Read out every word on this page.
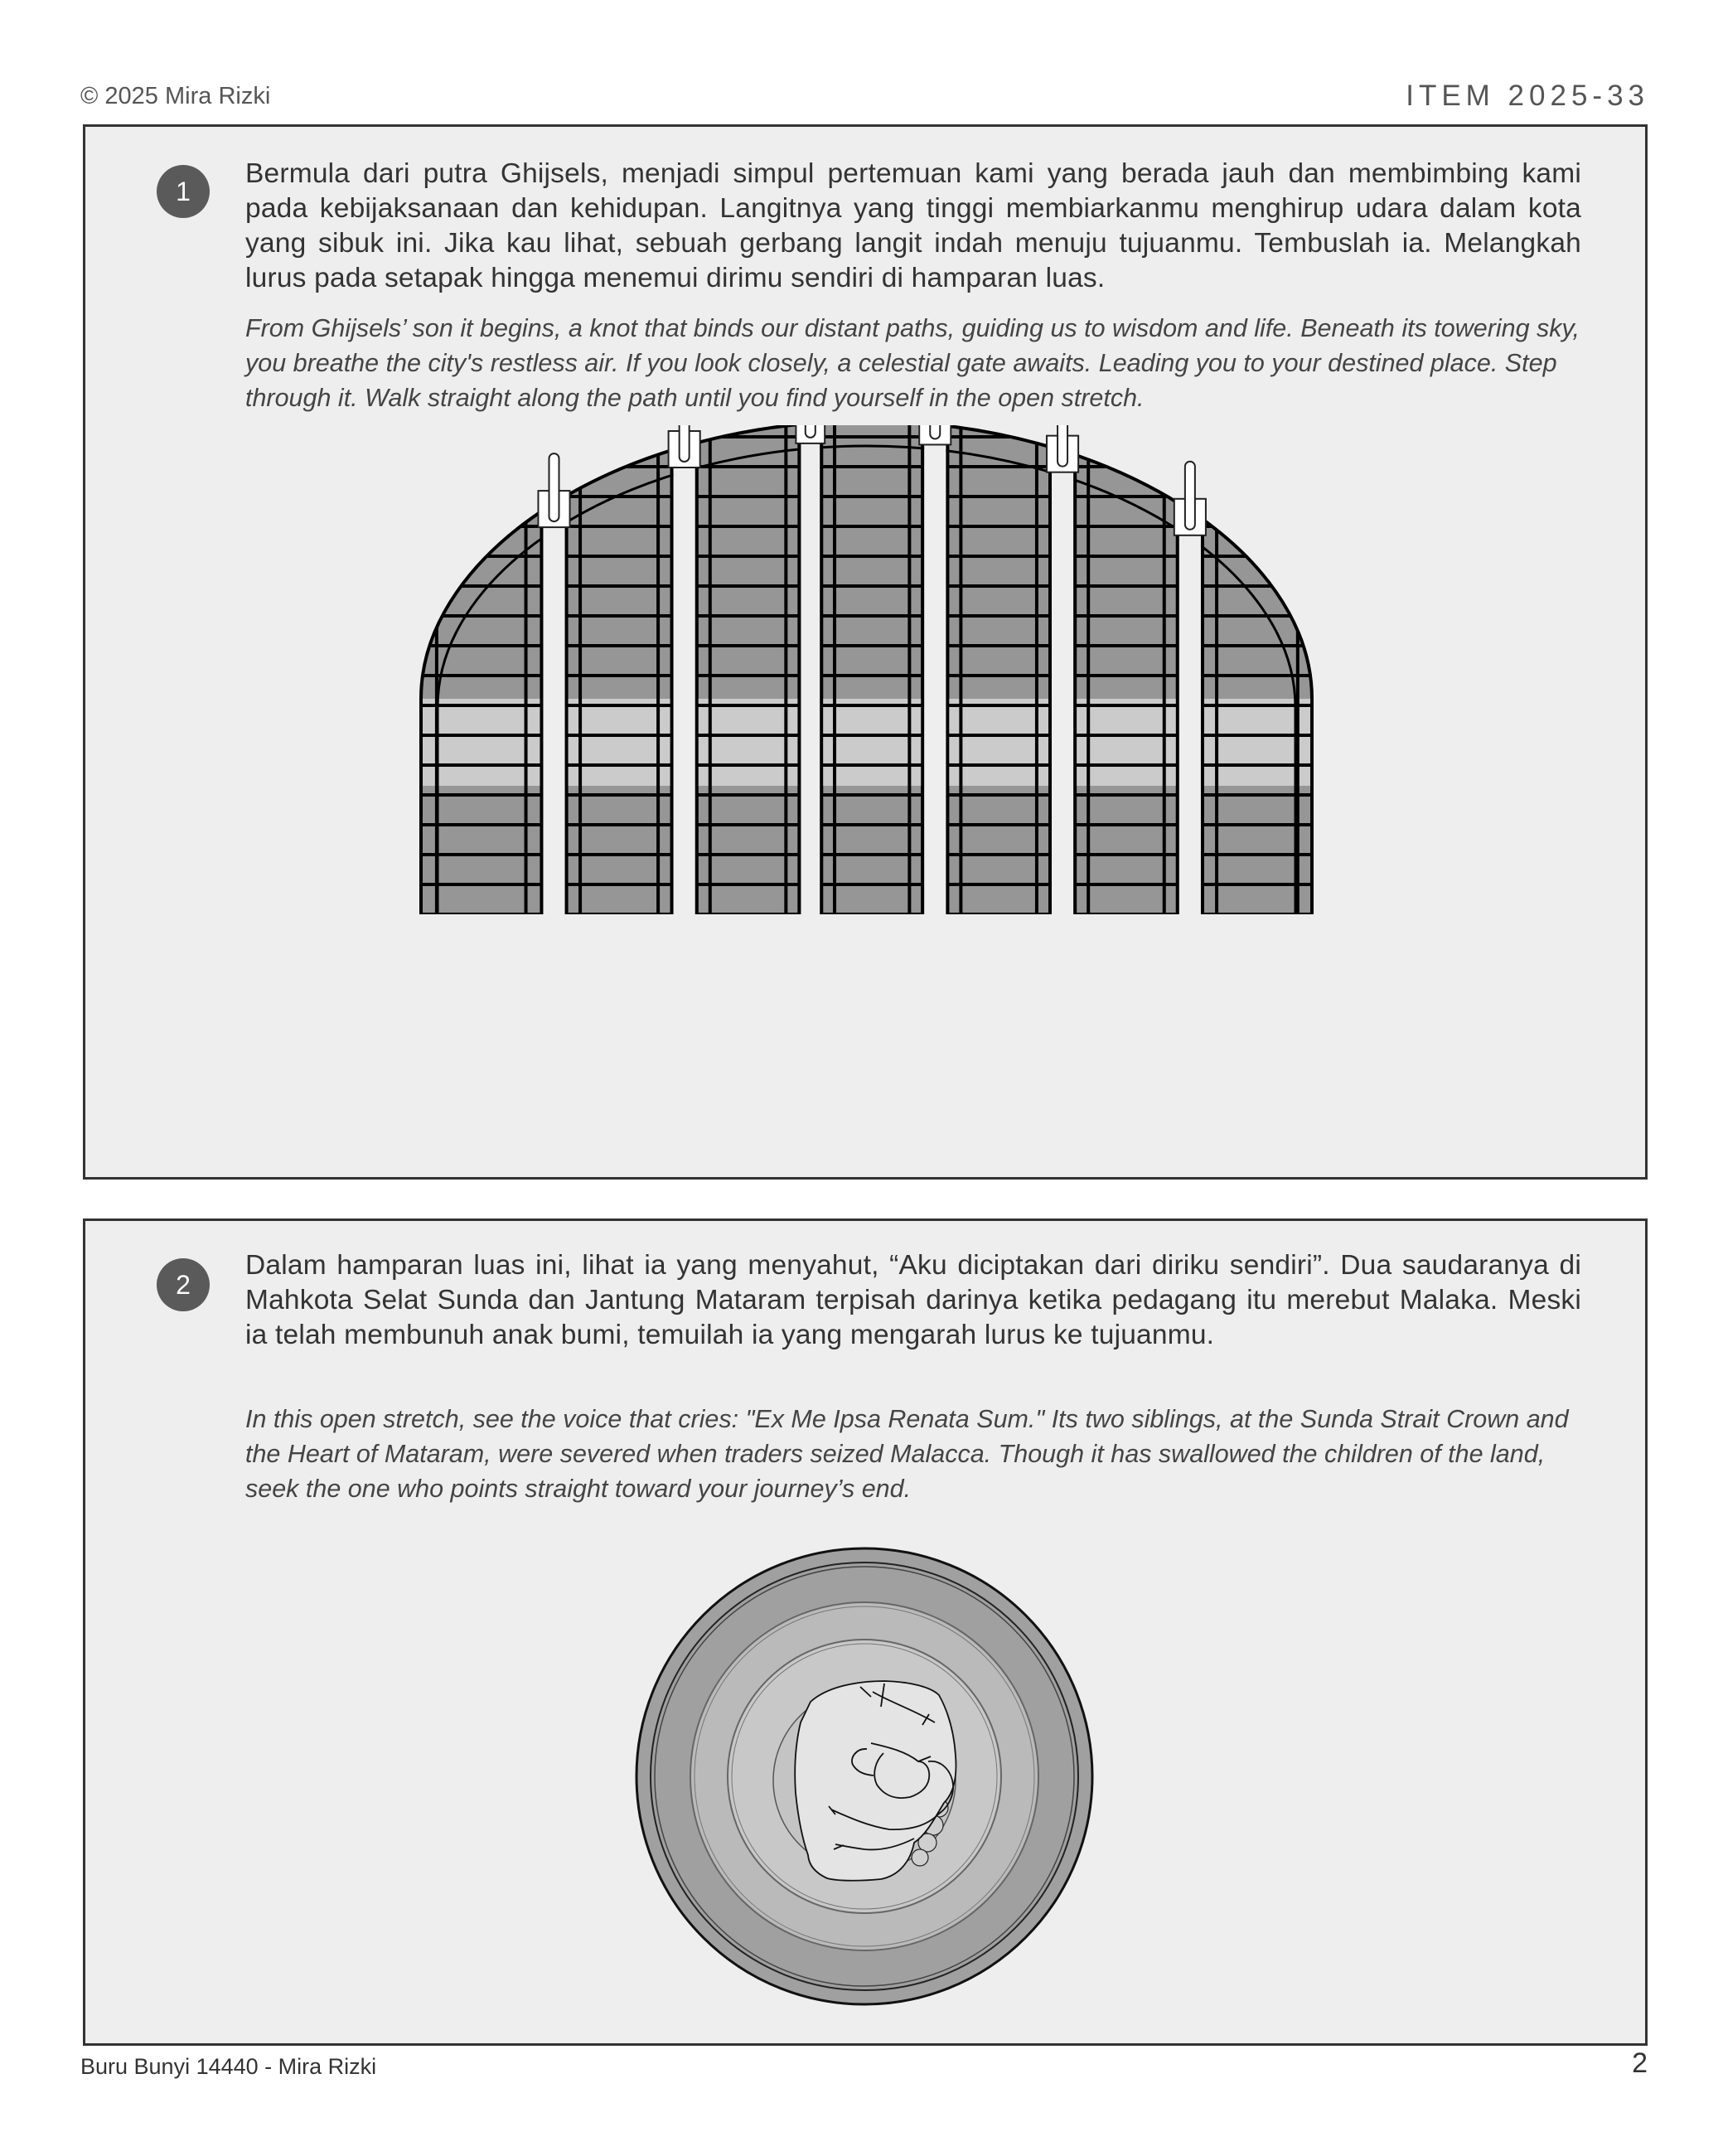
© 2025 Mira Rizki	ITEM 2025-33
1
Bermula dari putra Ghijsels, menjadi simpul pertemuan kami yang berada jauh dan membimbing kami pada kebijaksanaan dan kehidupan. Langitnya yang tinggi membiarkanmu menghirup udara dalam kota yang sibuk ini. Jika kau lihat, sebuah gerbang langit indah menuju tujuanmu. Tembuslah ia. Melangkah lurus pada setapak hingga menemui dirimu sendiri di hamparan luas.
From Ghijsels’ son it begins, a knot that binds our distant paths, guiding us to wisdom and life. Beneath its towering sky, you breathe the city's restless air. If you look closely, a celestial gate awaits. Leading you to your destined place. Step through it. Walk straight along the path until you find yourself in the open stretch.
2
Dalam hamparan luas ini, lihat ia yang menyahut, “Aku diciptakan dari diriku sendiri”. Dua saudaranya di Mahkota Selat Sunda dan Jantung Mataram terpisah darinya ketika pedagang itu merebut Malaka. Meski ia telah membunuh anak bumi, temuilah ia yang mengarah lurus ke tujuanmu.
In this open stretch, see the voice that cries: "Ex Me Ipsa Renata Sum." Its two siblings, at the Sunda Strait Crown and the Heart of Mataram, were severed when traders seized Malacca. Though it has swallowed the children of the land, seek the one who points straight toward your journey’s end.
Buru Bunyi 14440 - Mira Rizki	2
